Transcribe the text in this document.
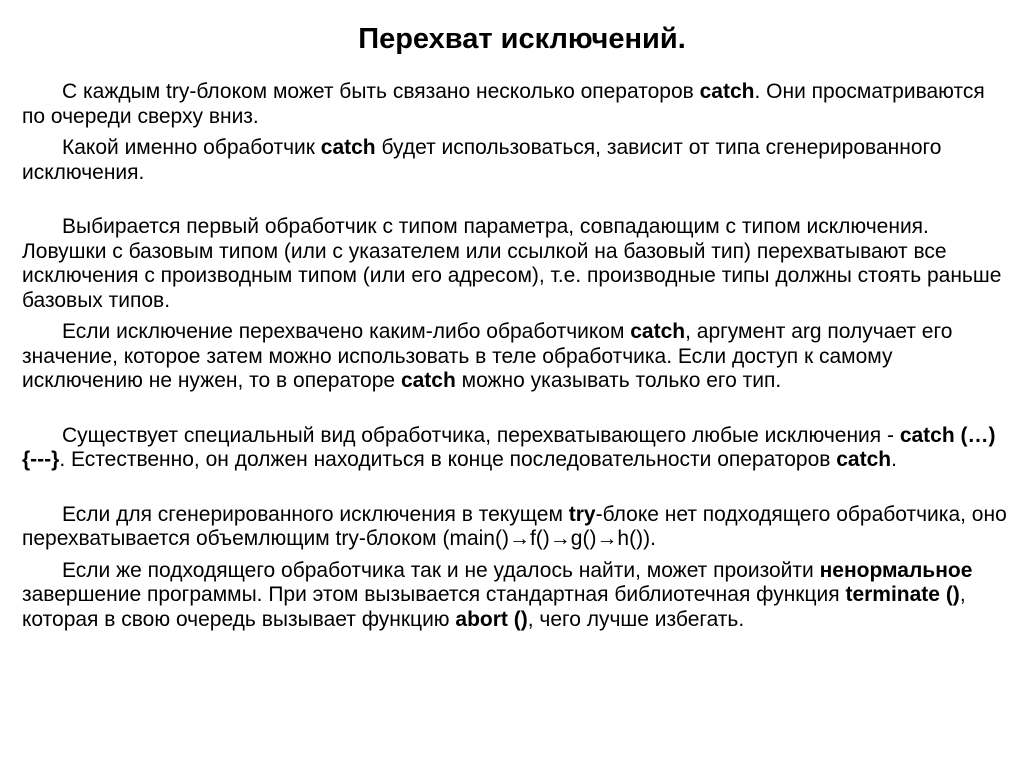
Перехват исключений.

С каждым try-блоком может быть связано несколько операторов catch. Они просматриваются по очереди сверху вниз.

Какой именно обработчик catch будет использоваться, зависит от типа сгенерированного исключения.

Выбирается первый обработчик с типом параметра, совпадающим с типом исключения. Ловушки с базовым типом (или с указателем или ссылкой на базовый тип) перехватывают все исключения с производным типом (или его адресом), т.е. производные типы должны стоять раньше базовых типов.

Если исключение перехвачено каким-либо обработчиком catch, аргумент arg получает его значение, которое затем можно использовать в теле обработчика. Если доступ к самому исключению не нужен, то в операторе catch можно указывать только его тип.

Существует специальный вид обработчика, перехватывающего любые исключения - catch (…){---}. Естественно, он должен находиться в конце последовательности операторов catch.

Если для сгенерированного исключения в текущем try-блоке нет подходящего обработчика, оно перехватывается объемлющим try-блоком (main()→f()→g()→h()).

Если же подходящего обработчика так и не удалось найти, может произойти ненормальное завершение программы. При этом вызывается стандартная библиотечная функция terminate (), которая в свою очередь вызывает функцию abort (), чего лучше избегать.
